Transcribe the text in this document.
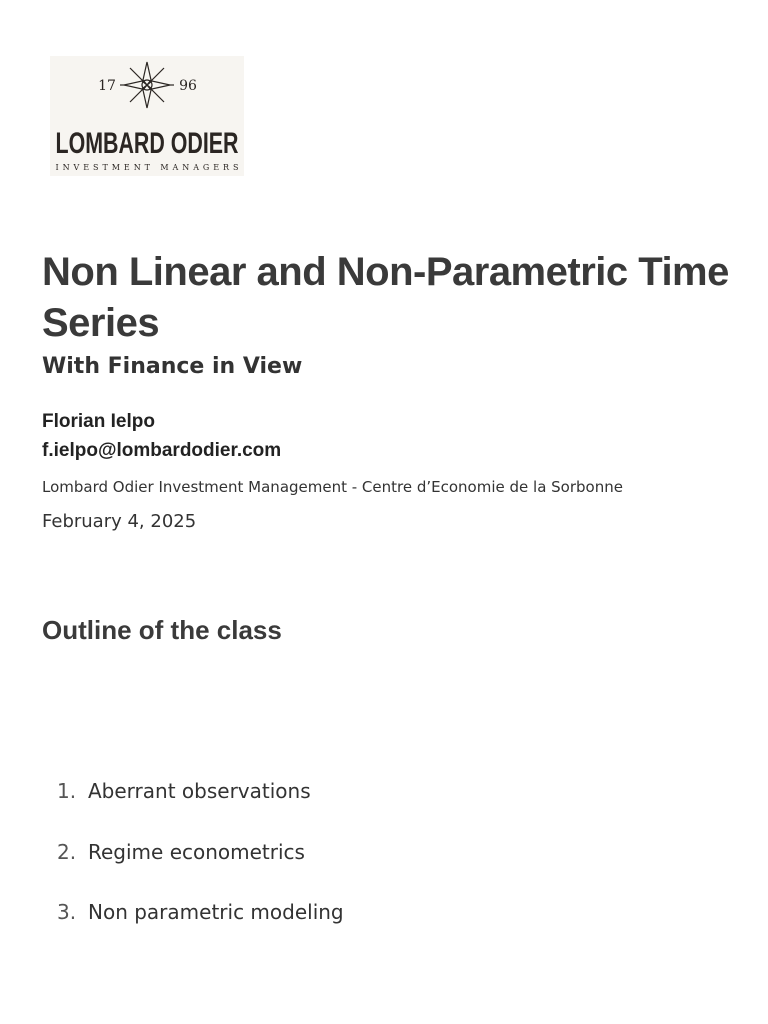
17	96
LOMBARD ODIER
INVESTMENT MANAGERS
Non Linear and Non-Parametric Time Series
With Finance in View
Florian Ielpo
f.ielpo@lombardodier.com
Lombard Odier Investment Management - Centre d’Economie de la Sorbonne
February 4, 2025
Outline of the class
1. Aberrant observations
2. Regime econometrics
3. Non parametric modeling
